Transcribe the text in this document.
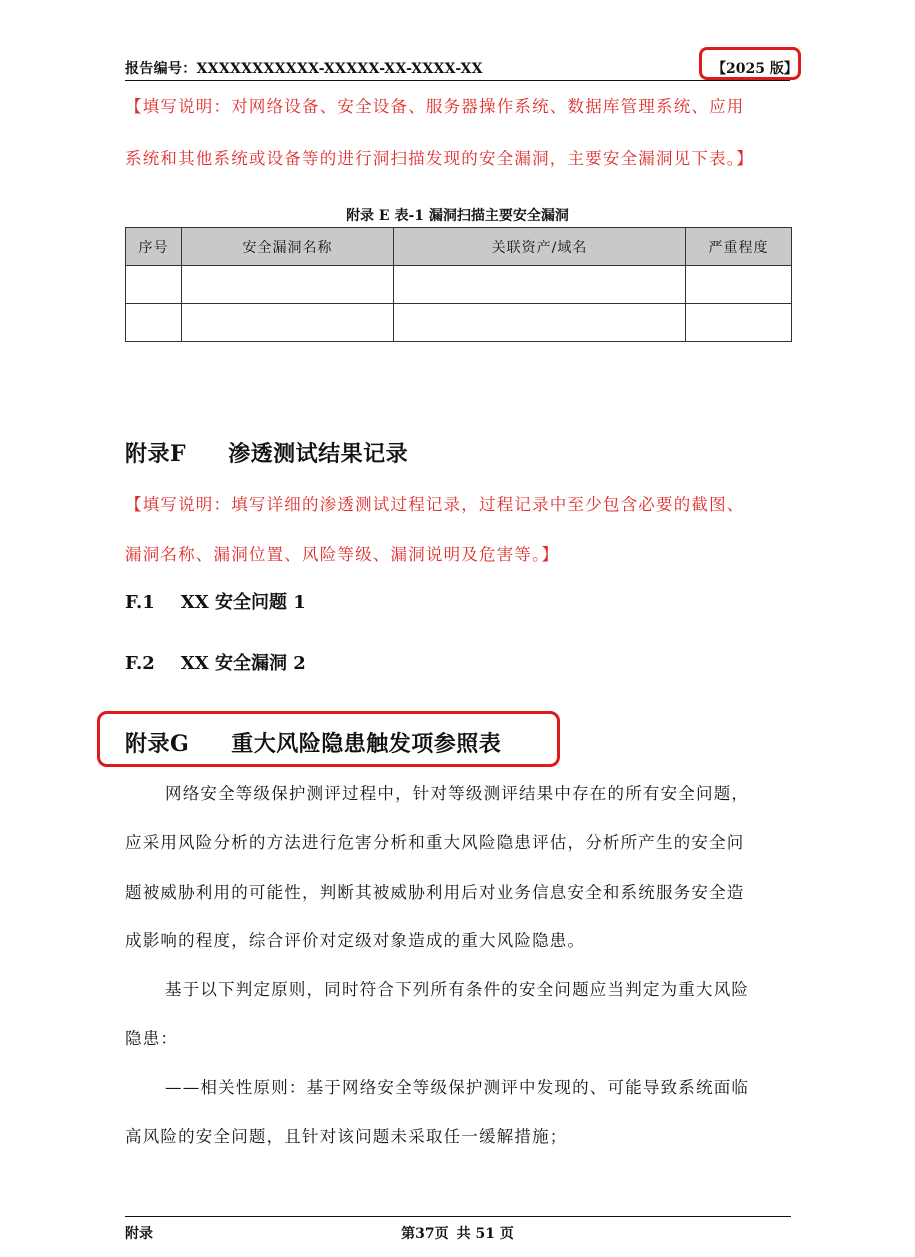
报告编号：XXXXXXXXXXX-XXXXX-XX-XXXX-XX	【2025 版】
【填写说明：对网络设备、安全设备、服务器操作系统、数据库管理系统、应用
系统和其他系统或设备等的进行洞扫描发现的安全漏洞，主要安全漏洞见下表。】
附录 E 表-1 漏洞扫描主要安全漏洞
序号	安全漏洞名称	关联资产/域名	严重程度

附录F 渗透测试结果记录
【填写说明：填写详细的渗透测试过程记录，过程记录中至少包含必要的截图、
漏洞名称、漏洞位置、风险等级、漏洞说明及危害等。】
F.1 XX 安全问题 1
F.2 XX 安全漏洞 2
附录G 重大风险隐患触发项参照表
网络安全等级保护测评过程中，针对等级测评结果中存在的所有安全问题，
应采用风险分析的方法进行危害分析和重大风险隐患评估，分析所产生的安全问
题被威胁利用的可能性，判断其被威胁利用后对业务信息安全和系统服务安全造
成影响的程度，综合评价对定级对象造成的重大风险隐患。
基于以下判定原则，同时符合下列所有条件的安全问题应当判定为重大风险
隐患：
——相关性原则：基于网络安全等级保护测评中发现的、可能导致系统面临
高风险的安全问题，且针对该问题未采取任一缓解措施；
附录	第37页 共 51 页
